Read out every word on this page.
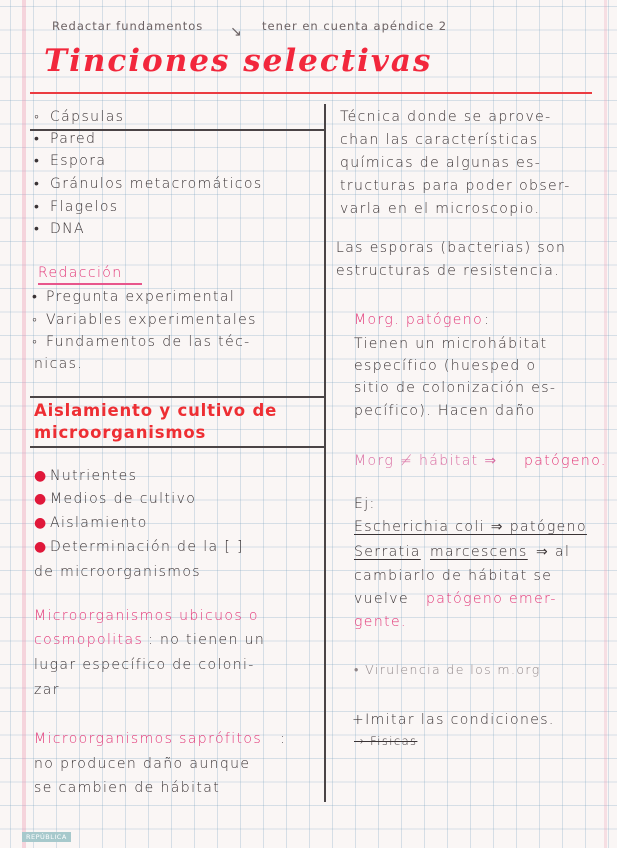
Redactar fundamentos ↘ tener en cuenta apéndice 2
Tinciones selectivas
◦ Cápsulas
• Pared
• Espora
• Gránulos metacromáticos
• Flagelos
• DNA
Redacción
• Pregunta experimental
◦ Variables experimentales
◦ Fundamentos de las téc-
nicas.
Aislamiento y cultivo de
microorganismos
● Nutrientes
● Medios de cultivo
● Aislamiento
● Determinación de la [ ]
de microorganismos
Microorganismos ubicuos o
cosmopolitas : no tienen un
lugar específico de coloni-
zar
Microorganismos saprófitos :
no producen daño aunque
se cambien de hábitat
Técnica donde se aprove-
chan las características
químicas de algunas es-
tructuras para poder obser-
varla en el microscopio.
Las esporas (bacterias) son
estructuras de resistencia.
Morg. patógeno :
Tienen un microhábitat
específico (huesped o
sitio de colonización es-
pecífico). Hacen daño
Morg ≠ hábitat ⇒ patógeno.
Ej:
Escherichia coli ⇒ patógeno
Serratia marcescens ⇒ al
cambiarlo de hábitat se
vuelve patógeno emer-
gente.
• Virulencia de los m.org
+Imitar las condiciones.
→ Fisicas
REPÚBLICA
